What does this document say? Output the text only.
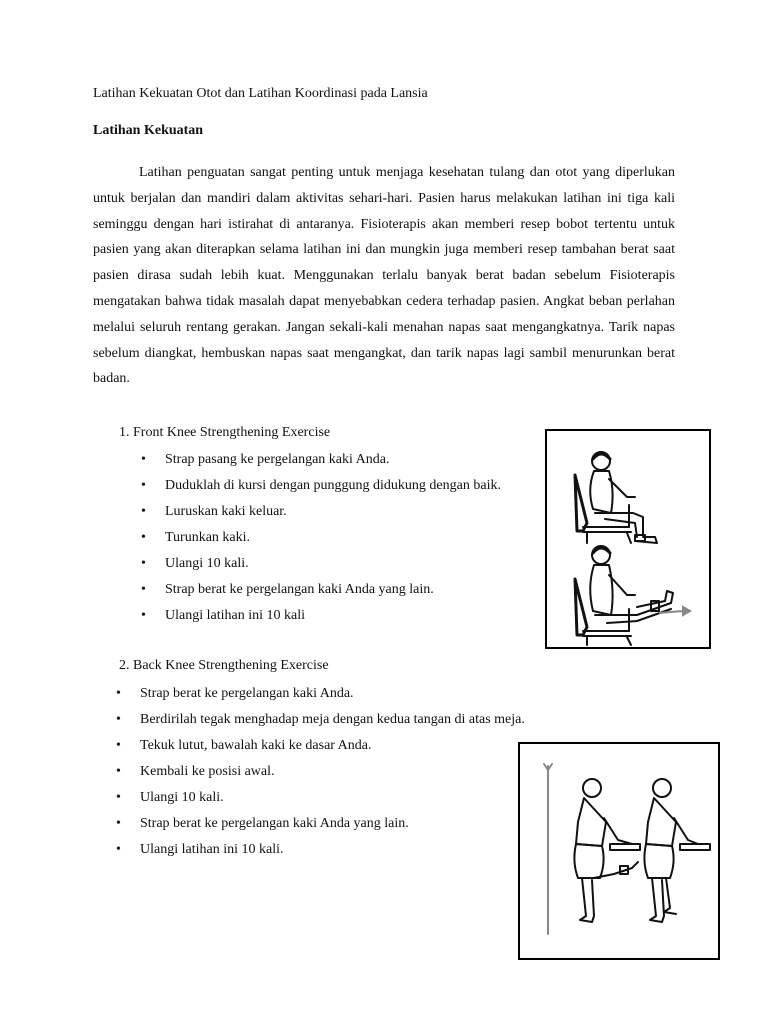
Latihan Kekuatan Otot dan Latihan Koordinasi pada Lansia
Latihan Kekuatan

Latihan penguatan sangat penting untuk menjaga kesehatan tulang dan otot yang diperlukan untuk berjalan dan mandiri dalam aktivitas sehari-hari. Pasien harus melakukan latihan ini tiga kali seminggu dengan hari istirahat di antaranya. Fisioterapis akan memberi resep bobot tertentu untuk pasien yang akan diterapkan selama latihan ini dan mungkin juga memberi resep tambahan berat saat pasien dirasa sudah lebih kuat. Menggunakan terlalu banyak berat badan sebelum Fisioterapis mengatakan bahwa tidak masalah dapat menyebabkan cedera terhadap pasien. Angkat beban perlahan melalui seluruh rentang gerakan. Jangan sekali-kali menahan napas saat mengangkatnya. Tarik napas sebelum diangkat, hembuskan napas saat mengangkat, dan tarik napas lagi sambil menurunkan berat badan.

1. Front Knee Strengthening Exercise
• Strap pasang ke pergelangan kaki Anda.
• Duduklah di kursi dengan punggung didukung dengan baik.
• Luruskan kaki keluar.
• Turunkan kaki.
• Ulangi 10 kali.
• Strap berat ke pergelangan kaki Anda yang lain.
• Ulangi latihan ini 10 kali
2. Back Knee Strengthening Exercise
• Strap berat ke pergelangan kaki Anda.
• Berdirilah tegak menghadap meja dengan kedua tangan di atas meja.
• Tekuk lutut, bawalah kaki ke dasar Anda.
• Kembali ke posisi awal.
• Ulangi 10 kali.
• Strap berat ke pergelangan kaki Anda yang lain.
• Ulangi latihan ini 10 kali.
